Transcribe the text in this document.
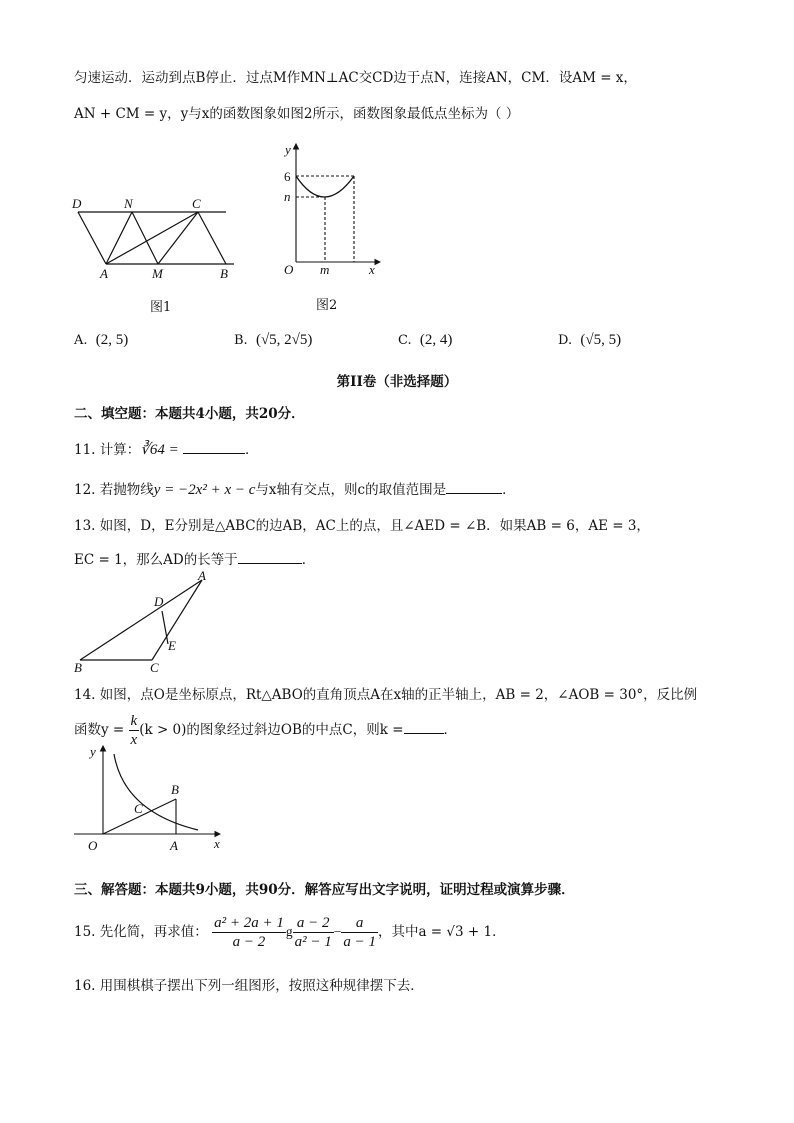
匀速运动．运动到点B停止．过点M作MN⊥AC交CD边于点N，连接AN，CM．设AM = x，
AN + CM = y，y与x的函数图象如图2所示，函数图象最低点坐标为（ ）
D	N	C
A	M	B
图1
y
6
n
O m	x
图2
A. (2, 5)	B. (√5, 2√5)	C. (2, 4)	D. (√5, 5)
第II卷（非选择题）
二、填空题：本题共4小题，共20分．
11. 计算：∛64 =	．
12. 若抛物线y = −2x² + x − c与x轴有交点，则c的取值范围是	．
13. 如图，D，E分别是△ABC的边AB，AC上的点，且∠AED = ∠B．如果AB = 6，AE = 3，
EC = 1，那么AD的长等于	．
A
D
E
B	C
14. 如图，点O是坐标原点，Rt△ABO的直角顶点A在x轴的正半轴上，AB = 2，∠AOB = 30°，反比例
函数$y = \frac{k}{x} (k > 0)$的图象经过斜边OB的中点C，则k =	．
y
B
C
O	A	x
三、解答题：本题共9小题，共90分．解答应写出文字说明，证明过程或演算步骤．
15. 先化简，再求值： $\frac{\text{a² + 2a + 1}}{a - 2}$ g $\frac{a - 2}{\text{a² − 1}} - \frac{a}{a - 1}$ ，其中a = √3 + 1．
16. 用围棋棋子摆出下列一组图形，按照这种规律摆下去．
